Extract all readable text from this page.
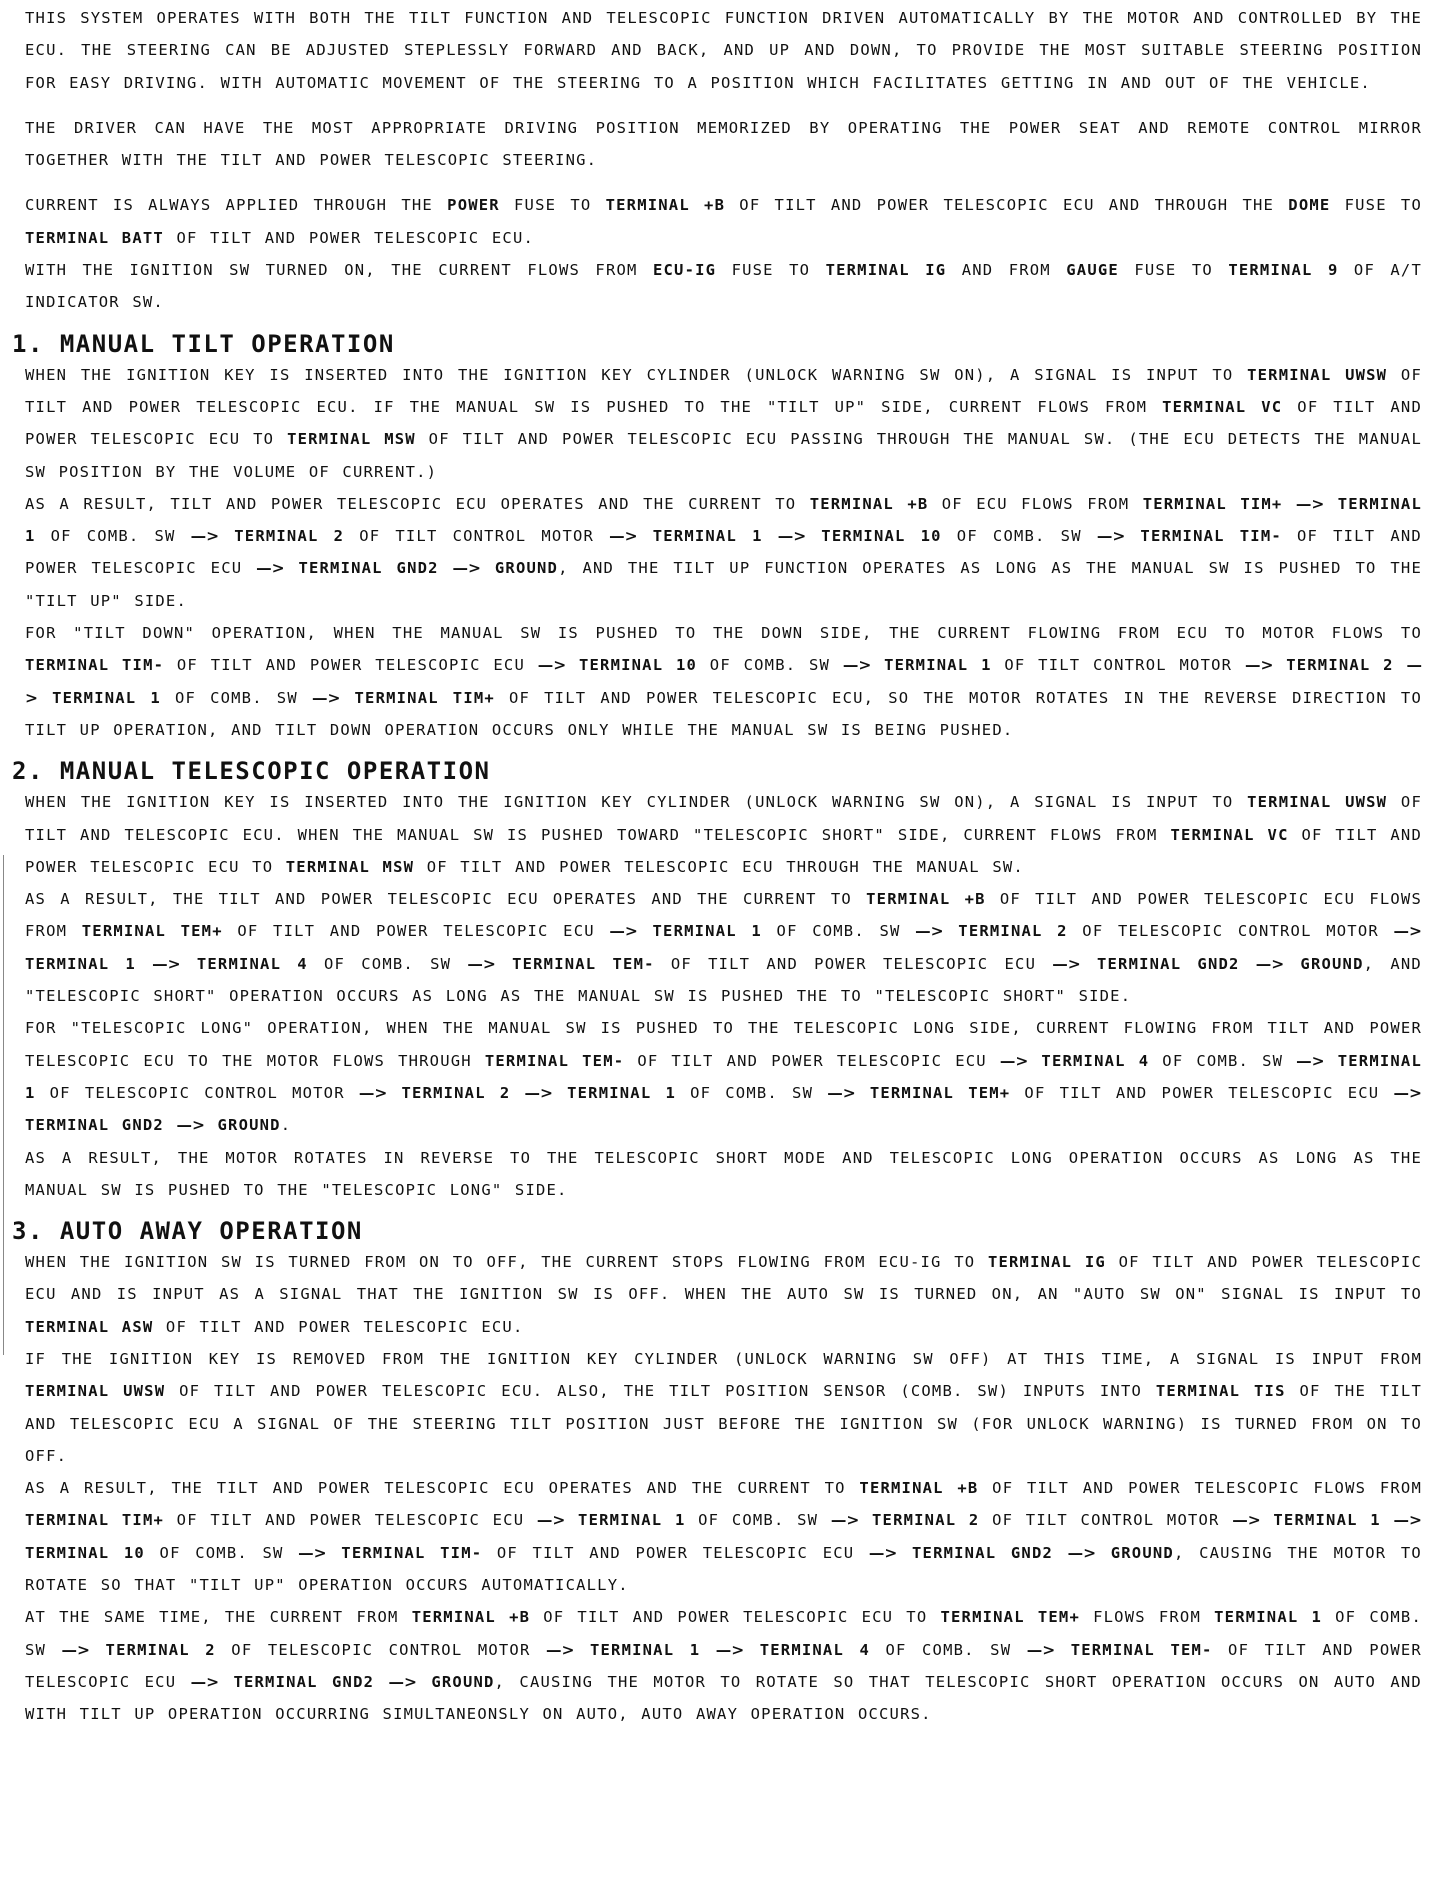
THIS SYSTEM OPERATES WITH BOTH THE TILT FUNCTION AND TELESCOPIC FUNCTION DRIVEN AUTOMATICALLY BY THE MOTOR AND CONTROLLED BY THE ECU. THE STEERING CAN BE ADJUSTED STEPLESSLY FORWARD AND BACK, AND UP AND DOWN, TO PROVIDE THE MOST SUITABLE STEERING POSITION FOR EASY DRIVING. WITH AUTOMATIC MOVEMENT OF THE STEERING TO A POSITION WHICH FACILITATES GETTING IN AND OUT OF THE VEHICLE.

THE DRIVER CAN HAVE THE MOST APPROPRIATE DRIVING POSITION MEMORIZED BY OPERATING THE POWER SEAT AND REMOTE CONTROL MIRROR TOGETHER WITH THE TILT AND POWER TELESCOPIC STEERING.

CURRENT IS ALWAYS APPLIED THROUGH THE POWER FUSE TO TERMINAL +B OF TILT AND POWER TELESCOPIC ECU AND THROUGH THE DOME FUSE TO TERMINAL BATT OF TILT AND POWER TELESCOPIC ECU.
WITH THE IGNITION SW TURNED ON, THE CURRENT FLOWS FROM ECU-IG FUSE TO TERMINAL IG AND FROM GAUGE FUSE TO TERMINAL 9 OF A/T INDICATOR SW.

1. MANUAL TILT OPERATION

WHEN THE IGNITION KEY IS INSERTED INTO THE IGNITION KEY CYLINDER (UNLOCK WARNING SW ON), A SIGNAL IS INPUT TO TERMINAL UWSW OF TILT AND POWER TELESCOPIC ECU. IF THE MANUAL SW IS PUSHED TO THE "TILT UP" SIDE, CURRENT FLOWS FROM TERMINAL VC OF TILT AND POWER TELESCOPIC ECU TO TERMINAL MSW OF TILT AND POWER TELESCOPIC ECU PASSING THROUGH THE MANUAL SW. (THE ECU DETECTS THE MANUAL SW POSITION BY THE VOLUME OF CURRENT.)
AS A RESULT, TILT AND POWER TELESCOPIC ECU OPERATES AND THE CURRENT TO TERMINAL +B OF ECU FLOWS FROM TERMINAL TIM+ —> TERMINAL 1 OF COMB. SW —> TERMINAL 2 OF TILT CONTROL MOTOR —> TERMINAL 1 —> TERMINAL 10 OF COMB. SW —> TERMINAL TIM- OF TILT AND POWER TELESCOPIC ECU —> TERMINAL GND2 —> GROUND, AND THE TILT UP FUNCTION OPERATES AS LONG AS THE MANUAL SW IS PUSHED TO THE "TILT UP" SIDE.
FOR "TILT DOWN" OPERATION, WHEN THE MANUAL SW IS PUSHED TO THE DOWN SIDE, THE CURRENT FLOWING FROM ECU TO MOTOR FLOWS TO TERMINAL TIM- OF TILT AND POWER TELESCOPIC ECU —> TERMINAL 10 OF COMB. SW —> TERMINAL 1 OF TILT CONTROL MOTOR —> TERMINAL 2 —> TERMINAL 1 OF COMB. SW —> TERMINAL TIM+ OF TILT AND POWER TELESCOPIC ECU, SO THE MOTOR ROTATES IN THE REVERSE DIRECTION TO TILT UP OPERATION, AND TILT DOWN OPERATION OCCURS ONLY WHILE THE MANUAL SW IS BEING PUSHED.

2. MANUAL TELESCOPIC OPERATION

WHEN THE IGNITION KEY IS INSERTED INTO THE IGNITION KEY CYLINDER (UNLOCK WARNING SW ON), A SIGNAL IS INPUT TO TERMINAL UWSW OF TILT AND TELESCOPIC ECU. WHEN THE MANUAL SW IS PUSHED TOWARD "TELESCOPIC SHORT" SIDE, CURRENT FLOWS FROM TERMINAL VC OF TILT AND POWER TELESCOPIC ECU TO TERMINAL MSW OF TILT AND POWER TELESCOPIC ECU THROUGH THE MANUAL SW.
AS A RESULT, THE TILT AND POWER TELESCOPIC ECU OPERATES AND THE CURRENT TO TERMINAL +B OF TILT AND POWER TELESCOPIC ECU FLOWS FROM TERMINAL TEM+ OF TILT AND POWER TELESCOPIC ECU —> TERMINAL 1 OF COMB. SW —> TERMINAL 2 OF TELESCOPIC CONTROL MOTOR —> TERMINAL 1 —> TERMINAL 4 OF COMB. SW —> TERMINAL TEM- OF TILT AND POWER TELESCOPIC ECU —> TERMINAL GND2 —> GROUND, AND "TELESCOPIC SHORT" OPERATION OCCURS AS LONG AS THE MANUAL SW IS PUSHED THE TO "TELESCOPIC SHORT" SIDE.
FOR "TELESCOPIC LONG" OPERATION, WHEN THE MANUAL SW IS PUSHED TO THE TELESCOPIC LONG SIDE, CURRENT FLOWING FROM TILT AND POWER TELESCOPIC ECU TO THE MOTOR FLOWS THROUGH TERMINAL TEM- OF TILT AND POWER TELESCOPIC ECU —> TERMINAL 4 OF COMB. SW —> TERMINAL 1 OF TELESCOPIC CONTROL MOTOR —> TERMINAL 2 —> TERMINAL 1 OF COMB. SW —> TERMINAL TEM+ OF TILT AND POWER TELESCOPIC ECU —> TERMINAL GND2 —> GROUND.
AS A RESULT, THE MOTOR ROTATES IN REVERSE TO THE TELESCOPIC SHORT MODE AND TELESCOPIC LONG OPERATION OCCURS AS LONG AS THE MANUAL SW IS PUSHED TO THE "TELESCOPIC LONG" SIDE.

3. AUTO AWAY OPERATION

WHEN THE IGNITION SW IS TURNED FROM ON TO OFF, THE CURRENT STOPS FLOWING FROM ECU-IG TO TERMINAL IG OF TILT AND POWER TELESCOPIC ECU AND IS INPUT AS A SIGNAL THAT THE IGNITION SW IS OFF. WHEN THE AUTO SW IS TURNED ON, AN "AUTO SW ON" SIGNAL IS INPUT TO TERMINAL ASW OF TILT AND POWER TELESCOPIC ECU.
IF THE IGNITION KEY IS REMOVED FROM THE IGNITION KEY CYLINDER (UNLOCK WARNING SW OFF) AT THIS TIME, A SIGNAL IS INPUT FROM TERMINAL UWSW OF TILT AND POWER TELESCOPIC ECU. ALSO, THE TILT POSITION SENSOR (COMB. SW) INPUTS INTO TERMINAL TIS OF THE TILT AND TELESCOPIC ECU A SIGNAL OF THE STEERING TILT POSITION JUST BEFORE THE IGNITION SW (FOR UNLOCK WARNING) IS TURNED FROM ON TO OFF.
AS A RESULT, THE TILT AND POWER TELESCOPIC ECU OPERATES AND THE CURRENT TO TERMINAL +B OF TILT AND POWER TELESCOPIC FLOWS FROM TERMINAL TIM+ OF TILT AND POWER TELESCOPIC ECU —> TERMINAL 1 OF COMB. SW —> TERMINAL 2 OF TILT CONTROL MOTOR —> TERMINAL 1 —> TERMINAL 10 OF COMB. SW —> TERMINAL TIM- OF TILT AND POWER TELESCOPIC ECU —> TERMINAL GND2 —> GROUND, CAUSING THE MOTOR TO ROTATE SO THAT "TILT UP" OPERATION OCCURS AUTOMATICALLY.
AT THE SAME TIME, THE CURRENT FROM TERMINAL +B OF TILT AND POWER TELESCOPIC ECU TO TERMINAL TEM+ FLOWS FROM TERMINAL 1 OF COMB. SW —> TERMINAL 2 OF TELESCOPIC CONTROL MOTOR —> TERMINAL 1 —> TERMINAL 4 OF COMB. SW —> TERMINAL TEM- OF TILT AND POWER TELESCOPIC ECU —> TERMINAL GND2 —> GROUND, CAUSING THE MOTOR TO ROTATE SO THAT TELESCOPIC SHORT OPERATION OCCURS ON AUTO AND WITH TILT UP OPERATION OCCURRING SIMULTANEONSLY ON AUTO, AUTO AWAY OPERATION OCCURS.
